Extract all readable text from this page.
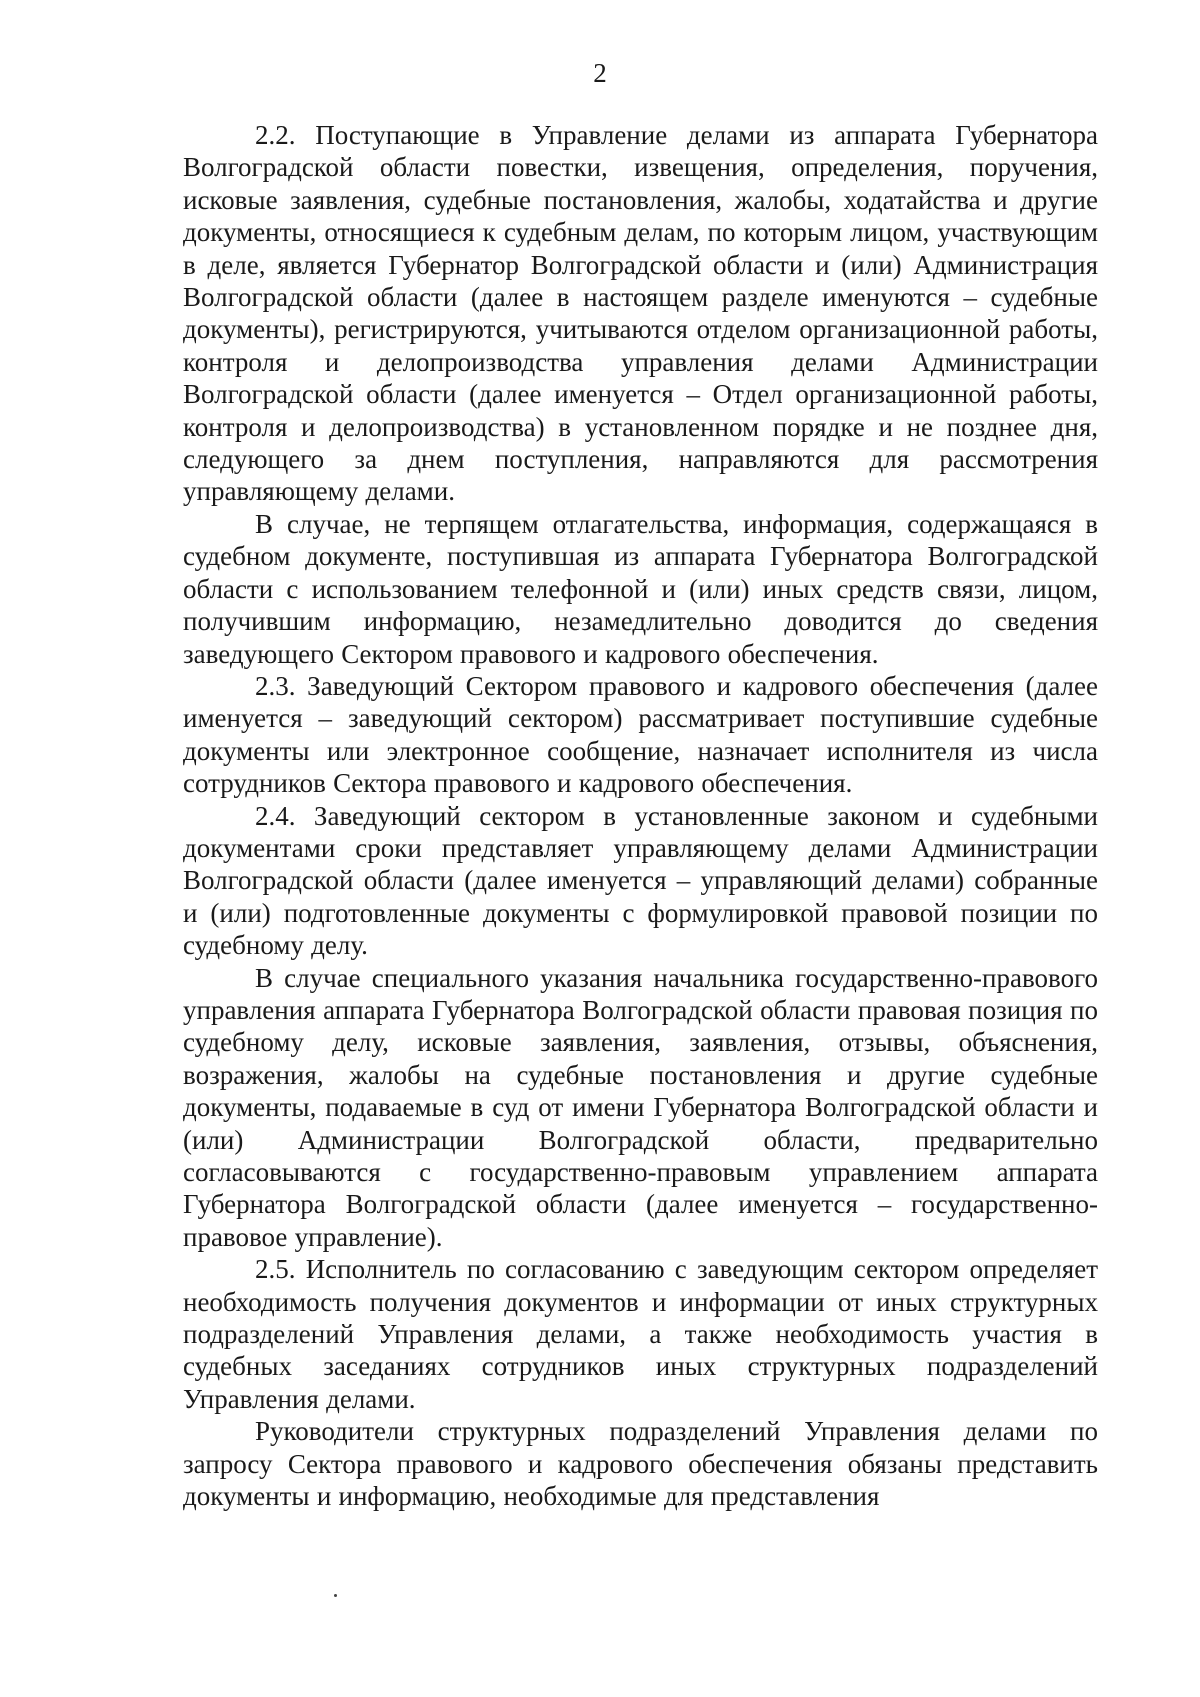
2

2.2. Поступающие в Управление делами из аппарата Губернатора Волгоградской области повестки, извещения, определения, поручения, исковые заявления, судебные постановления, жалобы, ходатайства и другие документы, относящиеся к судебным делам, по которым лицом, участвующим в деле, является Губернатор Волгоградской области и (или) Администрация Волгоградской области (далее в настоящем разделе именуются – судебные документы), регистрируются, учитываются отделом организационной работы, контроля и делопроизводства управления делами Администрации Волгоградской области (далее именуется – Отдел организационной работы, контроля и делопроизводства) в установленном порядке и не позднее дня, следующего за днем поступления, направляются для рассмотрения управляющему делами.

В случае, не терпящем отлагательства, информация, содержащаяся в судебном документе, поступившая из аппарата Губернатора Волгоградской области с использованием телефонной и (или) иных средств связи, лицом, получившим информацию, незамедлительно доводится до сведения заведующего Сектором правового и кадрового обеспечения.

2.3. Заведующий Сектором правового и кадрового обеспечения (далее именуется – заведующий сектором) рассматривает поступившие судебные документы или электронное сообщение, назначает исполнителя из числа сотрудников Сектора правового и кадрового обеспечения.

2.4. Заведующий сектором в установленные законом и судебными документами сроки представляет управляющему делами Администрации Волгоградской области (далее именуется – управляющий делами) собранные и (или) подготовленные документы с формулировкой правовой позиции по судебному делу.

В случае специального указания начальника государственно-правового управления аппарата Губернатора Волгоградской области правовая позиция по судебному делу, исковые заявления, заявления, отзывы, объяснения, возражения, жалобы на судебные постановления и другие судебные документы, подаваемые в суд от имени Губернатора Волгоградской области и (или) Администрации Волгоградской области, предварительно согласовываются с государственно-правовым управлением аппарата Губернатора Волгоградской области (далее именуется – государственно-правовое управление).

2.5. Исполнитель по согласованию с заведующим сектором определяет необходимость получения документов и информации от иных структурных подразделений Управления делами, а также необходимость участия в судебных заседаниях сотрудников иных структурных подразделений Управления делами.

Руководители структурных подразделений Управления делами по запросу Сектора правового и кадрового обеспечения обязаны представить документы и информацию, необходимые для представления
